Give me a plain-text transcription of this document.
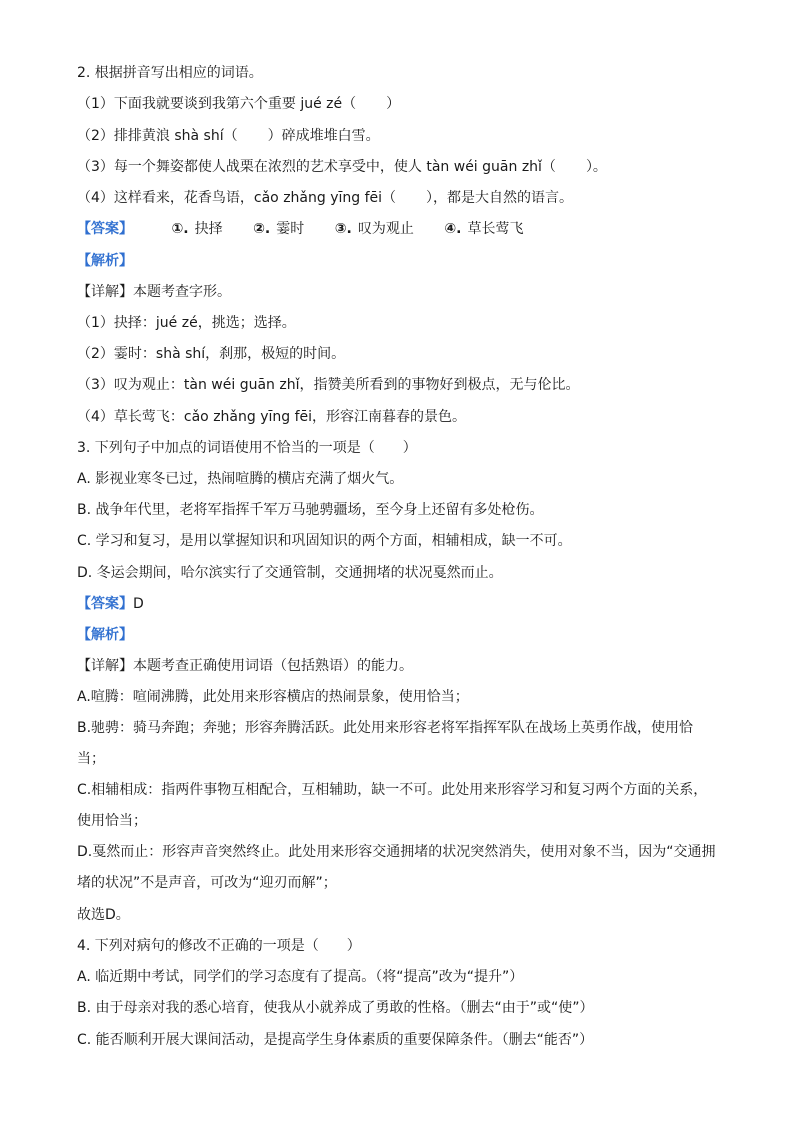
2. 根据拼音写出相应的词语。
（1）下面我就要谈到我第六个重要 jué zé（ ）
（2）排排黄浪 shà shí（ ）碎成堆堆白雪。
（3）每一个舞姿都使人战栗在浓烈的艺术享受中，使人 tàn wéi guān zhǐ（ ）。
（4）这样看来，花香鸟语，cǎo zhǎng yīng fēi（ ），都是大自然的语言。
【答案】	①. 抉择 ②. 霎时 ③. 叹为观止 ④. 草长莺飞
【解析】
【详解】本题考查字形。
（1）抉择：jué zé，挑选；选择。
（2）霎时：shà shí，刹那，极短的时间。
（3）叹为观止：tàn wéi guān zhǐ，指赞美所看到的事物好到极点，无与伦比。
（4）草长莺飞：cǎo zhǎng yīng fēi，形容江南暮春的景色。
3. 下列句子中加点的词语使用不恰当的一项是（　　）
A. 影视业寒冬已过，热闹喧腾的横店充满了烟火气。
B. 战争年代里，老将军指挥千军万马驰骋疆场，至今身上还留有多处枪伤。
C. 学习和复习，是用以掌握知识和巩固知识的两个方面，相辅相成，缺一不可。
D. 冬运会期间，哈尔滨实行了交通管制，交通拥堵的状况戛然而止。
【答案】D
【解析】
【详解】本题考查正确使用词语（包括熟语）的能力。
A.喧腾：喧闹沸腾，此处用来形容横店的热闹景象，使用恰当；
B.驰骋：骑马奔跑；奔驰；形容奔腾活跃。此处用来形容老将军指挥军队在战场上英勇作战，使用恰当；
C.相辅相成：指两件事物互相配合，互相辅助，缺一不可。此处用来形容学习和复习两个方面的关系，使用恰当；
D.戛然而止：形容声音突然终止。此处用来形容交通拥堵的状况突然消失，使用对象不当，因为“交通拥堵的状况”不是声音，可改为“迎刃而解”；
故选D。
4. 下列对病句的修改不正确的一项是（　　）
A. 临近期中考试，同学们的学习态度有了提高。（将“提高”改为“提升”）
B. 由于母亲对我的悉心培育，使我从小就养成了勇敢的性格。（删去“由于”或“使”）
C. 能否顺利开展大课间活动，是提高学生身体素质的重要保障条件。（删去“能否”）
